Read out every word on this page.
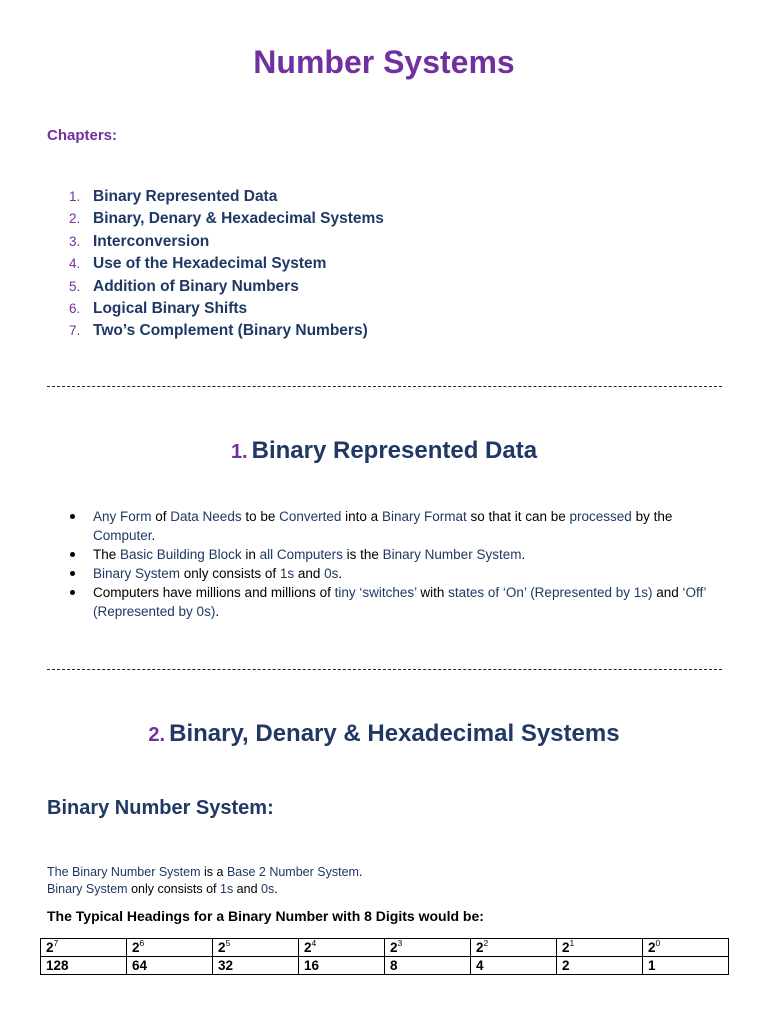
Number Systems
Chapters:
1. Binary Represented Data
2. Binary, Denary & Hexadecimal Systems
3. Interconversion
4. Use of the Hexadecimal System
5. Addition of Binary Numbers
6. Logical Binary Shifts
7. Two’s Complement (Binary Numbers)
1. Binary Represented Data
Any Form of Data Needs to be Converted into a Binary Format so that it can be processed by the Computer.
The Basic Building Block in all Computers is the Binary Number System.
Binary System only consists of 1s and 0s.
Computers have millions and millions of tiny ‘switches’ with states of ‘On’ (Represented by 1s) and ‘Off’ (Represented by 0s).
2. Binary, Denary & Hexadecimal Systems
Binary Number System:
The Binary Number System is a Base 2 Number System.
Binary System only consists of 1s and 0s.
The Typical Headings for a Binary Number with 8 Digits would be:
$2^7$	$2^6$	$2^5$	$2^4$	$2^3$	$2^2$	$2^1$	$2^0$
128	64	32	16	8	4	2	1
